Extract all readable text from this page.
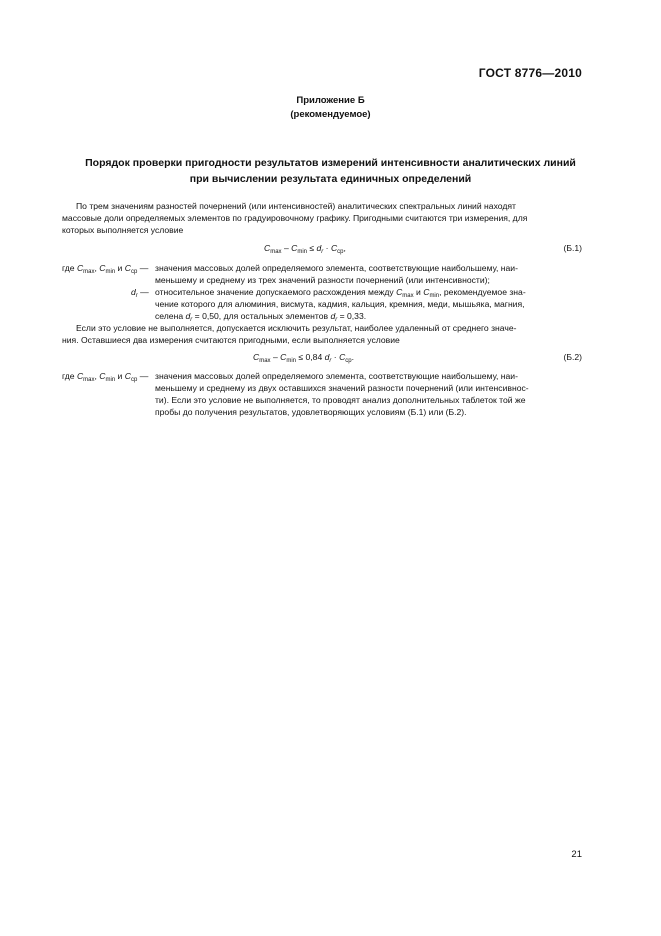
ГОСТ 8776—2010
Приложение Б
(рекомендуемое)
Порядок проверки пригодности результатов измерений интенсивности аналитических линий
при вычислении результата единичных определений
По трем значениям разностей почернений (или интенсивностей) аналитических спектральных линий находят
массовые доли определяемых элементов по градуировочному графику. Пригодными считаются три измерения, для
которых выполняется условие
$C_{max} - C_{min} \le d_r \cdot C_{ср}$,	(Б.1)
где $C_{max}$, $C_{min}$ и $C_{ср}$ — значения массовых долей определяемого элемента, соответствующие наибольшему, наи-
меньшему и среднему из трех значений разности почернений (или интенсивности);
$d_r$ — относительное значение допускаемого расхождения между $C_{max}$ и $C_{min}$, рекомендуемое зна-
чение которого для алюминия, висмута, кадмия, кальция, кремния, меди, мышьяка, магния,
селена $d_r = 0,50$, для остальных элементов $d_r = 0,33$.
Если это условие не выполняется, допускается исключить результат, наиболее удаленный от среднего значе-
ния. Оставшиеся два измерения считаются пригодными, если выполняется условие
$C_{max} - C_{min} \le 0,84$ $d_r \cdot C_{ср}$.	(Б.2)
где $C_{max}$, $C_{min}$ и $C_{ср}$ — значения массовых долей определяемого элемента, соответствующие наибольшему, наи-
меньшему и среднему из двух оставшихся значений разности почернений (или интенсивнос-
ти). Если это условие не выполняется, то проводят анализ дополнительных таблеток той же
пробы до получения результатов, удовлетворяющих условиям (Б.1) или (Б.2).
21
